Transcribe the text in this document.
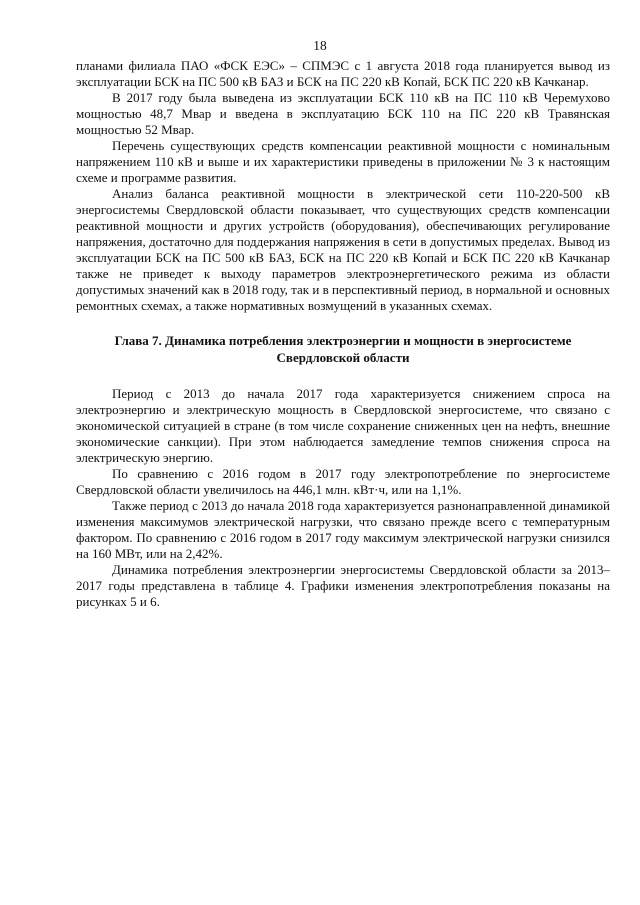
18

планами филиала ПАО «ФСК ЕЭС» – СПМЭС с 1 августа 2018 года планируется вывод из эксплуатации БСК на ПС 500 кВ БАЗ и БСК на ПС 220 кВ Копай, БСК ПС 220 кВ Качканар.

В 2017 году была выведена из эксплуатации БСК 110 кВ на ПС 110 кВ Черемухово мощностью 48,7 Мвар и введена в эксплуатацию БСК 110 на ПС 220 кВ Травянская мощностью 52 Мвар.

Перечень существующих средств компенсации реактивной мощности с номинальным напряжением 110 кВ и выше и их характеристики приведены в приложении № 3 к настоящим схеме и программе развития.

Анализ баланса реактивной мощности в электрической сети 110-220-500 кВ энергосистемы Свердловской области показывает, что существующих средств компенсации реактивной мощности и других устройств (оборудования), обеспечивающих регулирование напряжения, достаточно для поддержания напряжения в сети в допустимых пределах. Вывод из эксплуатации БСК на ПС 500 кВ БАЗ, БСК на ПС 220 кВ Копай и БСК ПС 220 кВ Качканар также не приведет к выходу параметров электроэнергетического режима из области допустимых значений как в 2018 году, так и в перспективный период, в нормальной и основных ремонтных схемах, а также нормативных возмущений в указанных схемах.

Глава 7. Динамика потребления электроэнергии и мощности в энергосистеме Свердловской области

Период с 2013 до начала 2017 года характеризуется снижением спроса на электроэнергию и электрическую мощность в Свердловской энергосистеме, что связано с экономической ситуацией в стране (в том числе сохранение сниженных цен на нефть, внешние экономические санкции). При этом наблюдается замедление темпов снижения спроса на электрическую энергию.

По сравнению с 2016 годом в 2017 году электропотребление по энергосистеме Свердловской области увеличилось на 446,1 млн. кВт·ч, или на 1,1%.

Также период с 2013 до начала 2018 года характеризуется разнонаправленной динамикой изменения максимумов электрической нагрузки, что связано прежде всего с температурным фактором. По сравнению с 2016 годом в 2017 году максимум электрической нагрузки снизился на 160 МВт, или на 2,42%.

Динамика потребления электроэнергии энергосистемы Свердловской области за 2013–2017 годы представлена в таблице 4. Графики изменения электропотребления показаны на рисунках 5 и 6.
